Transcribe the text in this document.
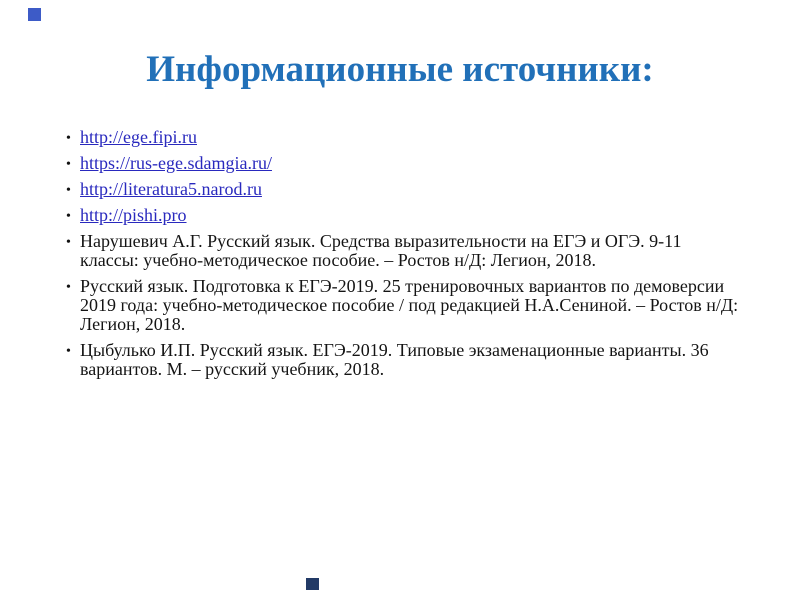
Информационные источники:
• http://ege.fipi.ru
• https://rus-ege.sdamgia.ru/
• http://literatura5.narod.ru
• http://pishi.pro
• Нарушевич А.Г. Русский язык. Средства выразительности на ЕГЭ и ОГЭ. 9-11 классы: учебно-методическое пособие. – Ростов н/Д: Легион, 2018.
• Русский язык. Подготовка к ЕГЭ-2019. 25 тренировочных вариантов по демоверсии 2019 года: учебно-методическое пособие / под редакцией Н.А.Сениной. – Ростов н/Д: Легион, 2018.
• Цыбулько И.П. Русский язык. ЕГЭ-2019. Типовые экзаменационные варианты. 36 вариантов. М. – русский учебник, 2018.
